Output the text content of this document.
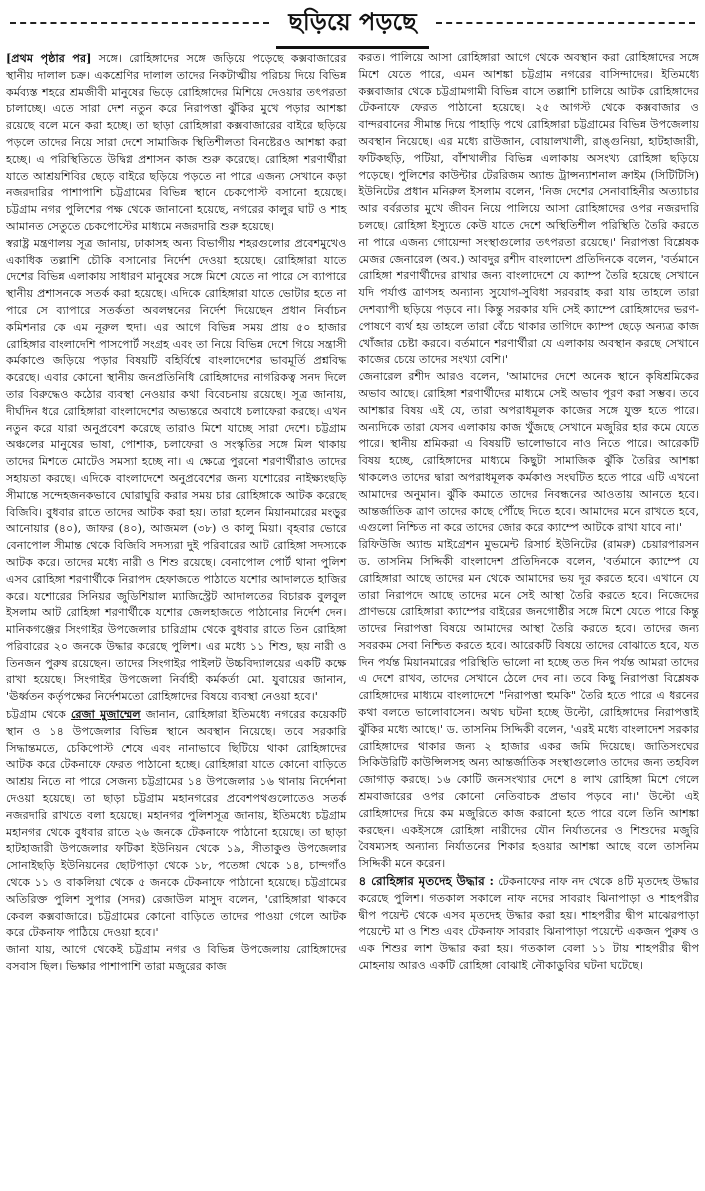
ছড়িয়ে পড়ছে

[ প্রথম পৃষ্ঠার পর ] সঙ্গে। রোহিঙ্গাদের সঙ্গে জড়িয়ে পড়েছে কক্সবাজারের স্থানীয় দালাল চক্র। একশ্রেণির দালাল তাদের নিকটাত্মীয় পরিচয় দিয়ে বিভিন্ন কর্মব্যস্ত শহরে শ্রমজীবী মানুষের ভিড়ে রোহিঙ্গাদের মিশিয়ে দেওয়ার তৎপরতা চালাচ্ছে। এতে সারা দেশ নতুন করে নিরাপত্তা ঝুঁকির মুখে পড়ার আশঙ্কা রয়েছে বলে মনে করা হচ্ছে। তা ছাড়া রোহিঙ্গারা কক্সবাজারের বাইরে ছড়িয়ে পড়লে তাদের নিয়ে সারা দেশে সামাজিক স্থিতিশীলতা বিনষ্টেরও আশঙ্কা করা হচ্ছে। এ পরিস্থিতিতে উদ্বিগ্ন প্রশাসন কাজ শুরু করেছে। রোহিঙ্গা শরণার্থীরা যাতে আশ্রয়শিবির ছেড়ে বাইরে ছড়িয়ে পড়তে না পারে এজন্য সেখানে কড়া নজরদারির পাশাপাশি চট্টগ্রামের বিভিন্ন স্থানে চেকপোস্ট বসানো হয়েছে। চট্টগ্রাম নগর পুলিশের পক্ষ থেকে জানানো হয়েছে, নগরের কালুর ঘাট ও শাহ আমানত সেতুতে চেকপোস্টের মাধ্যমে নজরদারি শুরু হয়েছে।

স্বরাষ্ট্র মন্ত্রণালয় সূত্র জানায়, ঢাকাসহ অন্য বিভাগীয় শহরগুলোর প্রবেশমুখেও একাধিক তল্লাশি চৌকি বসানোর নির্দেশ দেওয়া হয়েছে। রোহিঙ্গারা যাতে দেশের বিভিন্ন এলাকায় সাধারণ মানুষের সঙ্গে মিশে যেতে না পারে সে ব্যাপারে স্থানীয় প্রশাসনকে সতর্ক করা হয়েছে। এদিকে রোহিঙ্গারা যাতে ভোটার হতে না পারে সে ব্যাপারে সতর্কতা অবলম্বনের নির্দেশ দিয়েছেন প্রধান নির্বাচন কমিশনার কে এম নূরুল হুদা। এর আগে বিভিন্ন সময় প্রায় ৫০ হাজার রোহিঙ্গার বাংলাদেশি পাসপোর্ট সংগ্রহ এবং তা নিয়ে বিভিন্ন দেশে গিয়ে সন্ত্রাসী কর্মকাণ্ডে জড়িয়ে পড়ার বিষয়টি বহির্বিশ্বে বাংলাদেশের ভাবমূর্তি প্রশ্নবিদ্ধ করেছে। এবার কোনো স্থানীয় জনপ্রতিনিধি রোহিঙ্গাদের নাগরিকত্ব সনদ দিলে তার বিরুদ্ধেও কঠোর ব্যবস্থা নেওয়ার কথা বিবেচনায় রয়েছে। সূত্র জানায়, দীর্ঘদিন ধরে রোহিঙ্গারা বাংলাদেশের অভ্যন্তরে অবাধে চলাফেরা করছে। এখন নতুন করে যারা অনুপ্রবেশ করেছে তারাও মিশে যাচ্ছে সারা দেশে। চট্টগ্রাম অঞ্চলের মানুষের ভাষা, পোশাক, চলাফেরা ও সংস্কৃতির সঙ্গে মিল থাকায় তাদের মিশতে মোটেও সমস্যা হচ্ছে না। এ ক্ষেত্রে পুরনো শরণার্থীরাও তাদের সহায়তা করছে। এদিকে বাংলাদেশে অনুপ্রবেশের জন্য যশোরের নাইক্ষ্যংছড়ি সীমান্তে সন্দেহজনকভাবে ঘোরাঘুরি করার সময় চার রোহিঙ্গাকে আটক করেছে বিজিবি। বুধবার রাতে তাদের আটক করা হয়। তারা হলেন মিয়ানমারের মংড়ুর আনোয়ার (৪০), জাফর (৪০), আজমল (৩৮) ও কালু মিয়া। বৃহবার ভোরে বেনাপোল সীমান্ত থেকে বিজিবি সদস্যরা দুই পরিবারের আট রোহিঙ্গা সদস্যকে আটক করে। তাদের মধ্যে নারী ও শিশু রয়েছে। বেনাপোল পোর্ট থানা পুলিশ এসব রোহিঙ্গা শরণার্থীকে নিরাপদ হেফাজতে পাঠাতে যশোর আদালতে হাজির করে। যশোরের সিনিয়র জুডিশিয়াল ম্যাজিস্ট্রেট আদালতের বিচারক বুলবুল ইসলাম আট রোহিঙ্গা শরণার্থীকে যশোর জেলহাজতে পাঠানোর নির্দেশ দেন। মানিকগঞ্জের সিংগাইর উপজেলার চারিগ্রাম থেকে বুধবার রাতে তিন রোহিঙ্গা পরিবারের ২০ জনকে উদ্ধার করেছে পুলিশ। এর মধ্যে ১১ শিশু, ছয় নারী ও তিনজন পুরুষ রয়েছেন। তাদের সিংগাইর পাইলট উচ্চবিদ্যালয়ের একটি কক্ষে রাখা হয়েছে। সিংগাইর উপজেলা নির্বাহী কর্মকর্তা মো. যুবায়ের জানান, 'ঊর্ধ্বতন কর্তৃপক্ষের নির্দেশমতো রোহিঙ্গাদের বিষয়ে ব্যবস্থা নেওয়া হবে।'

চট্টগ্রাম থেকে রেজা মুজাম্মেল জানান, রোহিঙ্গারা ইতিমধ্যে নগরের কয়েকটি স্থান ও ১৪ উপজেলার বিভিন্ন স্থানে অবস্থান নিয়েছে। তবে সরকারি সিদ্ধান্তমতে, চেকিপোস্ট শেষে এবং নানাভাবে ছিটিয়ে থাকা রোহিঙ্গাদের আটক করে টেকনাফে ফেরত পাঠানো হচ্ছে। রোহিঙ্গারা যাতে কোনো বাড়িতে আশ্রয় নিতে না পারে সেজন্য চট্টগ্রামের ১৪ উপজেলার ১৬ থানায় নির্দেশনা দেওয়া হয়েছে। তা ছাড়া চট্টগ্রাম মহানগরের প্রবেশপথগুলোতেও সতর্ক নজরদারি রাখতে বলা হয়েছে। মহানগর পুলিশসূত্র জানায়, ইতিমধ্যে চট্টগ্রাম মহানগর থেকে বুধবার রাতে ২৬ জনকে টেকনাফে পাঠানো হয়েছে। তা ছাড়া হাটহাজারী উপজেলার ফটিকা ইউনিয়ন থেকে ১৯, সীতাকুণ্ড উপজেলার সোনাইছড়ি ইউনিয়নের ছোটপাড়া থেকে ১৮, পতেঙ্গা থেকে ১৪, চান্দগাঁও থেকে ১১ ও বাকলিয়া থেকে ৫ জনকে টেকনাফে পাঠানো হয়েছে। চট্টগ্রামের অতিরিক্ত পুলিশ সুপার (সদর) রেজাউল মাসুদ বলেন, 'রোহিঙ্গারা থাকবে কেবল কক্সবাজারে। চট্টগ্রামের কোনো বাড়িতে তাদের পাওয়া গেলে আটক করে টেকনাফ পাঠিয়ে দেওয়া হবে।'

জানা যায়, আগে থেকেই চট্টগ্রাম নগর ও বিভিন্ন উপজেলায় রোহিঙ্গাদের বসবাস ছিল। ভিক্ষার পাশাপাশি তারা মজুরের কাজ

করত। পালিয়ে আসা রোহিঙ্গারা আগে থেকে অবস্থান করা রোহিঙ্গাদের সঙ্গে মিশে যেতে পারে, এমন আশঙ্কা চট্টগ্রাম নগরের বাসিন্দাদের। ইতিমধ্যে কক্সবাজার থেকে চট্টগ্রামগামী বিভিন্ন বাসে তল্লাশি চালিয়ে আটক রোহিঙ্গাদের টেকনাফে ফেরত পাঠানো হয়েছে। ২৫ আগস্ট থেকে কক্সবাজার ও বান্দরবানের সীমান্ত দিয়ে পাহাড়ি পথে রোহিঙ্গারা চট্টগ্রামের বিভিন্ন উপজেলায় অবস্থান নিয়েছে। এর মধ্যে রাউজান, বোয়ালখালী, রাঙ্গুনিয়া, হাটহাজারী, ফটিকছড়ি, পটিয়া, বাঁশখালীর বিভিন্ন এলাকায় অসংখ্য রোহিঙ্গা ছড়িয়ে পড়েছে। পুলিশের কাউন্টার টেররিজম অ্যান্ড ট্রান্সন্যাশনাল ক্রাইম (সিটিটিসি) ইউনিটের প্রধান মনিরুল ইসলাম বলেন, 'নিজ দেশের সেনাবাহিনীর অত্যাচার আর বর্বরতার মুখে জীবন নিয়ে পালিয়ে আসা রোহিঙ্গাদের ওপর নজরদারি চলছে। রোহিঙ্গা ইস্যুতে কেউ যাতে দেশে অস্থিতিশীল পরিস্থিতি তৈরি করতে না পারে এজন্য গোয়েন্দা সংস্থাগুলোর তৎপরতা রয়েছে।' নিরাপত্তা বিশ্লেষক মেজর জেনারেল (অব.) আবদুর রশীদ বাংলাদেশ প্রতিদিনকে বলেন, 'বর্তমানে রোহিঙ্গা শরণার্থীদের রাখার জন্য বাংলাদেশে যে ক্যাম্প তৈরি হয়েছে সেখানে যদি পর্যাপ্ত ত্রাণসহ অন্যান্য সুযোগ-সুবিধা সরবরাহ করা যায় তাহলে তারা দেশব্যাপী ছড়িয়ে পড়বে না। কিন্তু সরকার যদি সেই ক্যাম্পে রোহিঙ্গাদের ভরণ-পোষণে ব্যর্থ হয় তাহলে তারা বেঁচে থাকার তাগিদে ক্যাম্প ছেড়ে অন্যত্র কাজ খোঁজার চেষ্টা করবে। বর্তমানে শরণার্থীরা যে এলাকায় অবস্থান করছে সেখানে কাজের চেয়ে তাদের সংখ্যা বেশি।'

জেনারেল রশীদ আরও বলেন, 'আমাদের দেশে অনেক স্থানে কৃষিশ্রমিকের অভাব আছে। রোহিঙ্গা শরণার্থীদের মাধ্যমে সেই অভাব পূরণ করা সম্ভব। তবে আশঙ্কার বিষয় এই যে, তারা অপরাধমূলক কাজের সঙ্গে যুক্ত হতে পারে। অন্যদিকে তারা যেসব এলাকায় কাজ খুঁজছে সেখানে মজুরির হার কমে যেতে পারে। স্থানীয় শ্রমিকরা এ বিষয়টি ভালোভাবে নাও নিতে পারে। আরেকটি বিষয় হচ্ছে, রোহিঙ্গাদের মাধ্যমে কিছুটা সামাজিক ঝুঁকি তৈরির আশঙ্কা থাকলেও তাদের দ্বারা অপরাধমূলক কর্মকাণ্ড সংঘটিত হতে পারে এটি এখনো আমাদের অনুমান। ঝুঁকি কমাতে তাদের নিবন্ধনের আওতায় আনতে হবে। আন্তর্জাতিক ত্রাণ তাদের কাছে পৌঁছে দিতে হবে। আমাদের মনে রাখতে হবে, এগুলো নিশ্চিত না করে তাদের জোর করে ক্যাম্পে আটকে রাখা যাবে না।'

রিফিউজি অ্যান্ড মাইগ্রেশন মুভমেন্ট রিসার্চ ইউনিটের (রামরু) চেয়ারপারসন ড. তাসনিম সিদ্দিকী বাংলাদেশ প্রতিদিনকে বলেন, 'বর্তমানে ক্যাম্পে যে রোহিঙ্গারা আছে তাদের মন থেকে আমাদের ভয় দূর করতে হবে। এখানে যে তারা নিরাপদে আছে তাদের মনে সেই আস্থা তৈরি করতে হবে। নিজেদের প্রাণভয়ে রোহিঙ্গারা ক্যাম্পের বাইরের জনগোষ্ঠীর সঙ্গে মিশে যেতে পারে কিন্তু তাদের নিরাপত্তা বিষয়ে আমাদের আস্থা তৈরি করতে হবে। তাদের জন্য সবরকম সেবা নিশ্চিত করতে হবে। আরেকটি বিষয়ে তাদের বোঝাতে হবে, যত দিন পর্যন্ত মিয়ানমারের পরিস্থিতি ভালো না হচ্ছে তত দিন পর্যন্ত আমরা তাদের এ দেশে রাখব, তাদের সেখানে ঠেলে দেব না। তবে কিছু নিরাপত্তা বিশ্লেষক রোহিঙ্গাদের মাধ্যমে বাংলাদেশে "নিরাপত্তা হুমকি" তৈরি হতে পারে এ ধরনের কথা বলতে ভালোবাসেন। অথচ ঘটনা হচ্ছে উল্টো, রোহিঙ্গাদের নিরাপত্তাই ঝুঁকির মধ্যে আছে।' ড. তাসনিম সিদ্দিকী বলেন, 'এরই মধ্যে বাংলাদেশ সরকার রোহিঙ্গাদের থাকার জন্য ২ হাজার একর জমি দিয়েছে। জাতিসংঘের সিকিউরিটি কাউন্সিলসহ অন্য আন্তর্জাতিক সংস্থাগুলোও তাদের জন্য তহবিল জোগাড় করছে। ১৬ কোটি জনসংখ্যার দেশে ৪ লাখ রোহিঙ্গা মিশে গেলে শ্রমবাজারের ওপর কোনো নেতিবাচক প্রভাব পড়বে না।' উল্টো এই রোহিঙ্গাদের দিয়ে কম মজুরিতে কাজ করানো হতে পারে বলে তিনি আশঙ্কা করছেন। একইসঙ্গে রোহিঙ্গা নারীদের যৌন নির্যাতনের ও শিশুদের মজুরি বৈষম্যসহ অন্যান্য নির্যাতনের শিকার হওয়ার আশঙ্কা আছে বলে তাসনিম সিদ্দিকী মনে করেন।

৪ রোহিঙ্গার মৃতদেহ উদ্ধার : টেকনাফের নাফ নদ থেকে ৪টি মৃতদেহ উদ্ধার করেছে পুলিশ। গতকাল সকালে নাফ নদের সাবরাং ঝিনাপাড়া ও শাহপরীর দ্বীপ পয়েন্ট থেকে এসব মৃতদেহ উদ্ধার করা হয়। শাহপরীর দ্বীপ মাঝেরপাড়া পয়েন্টে মা ও শিশু এবং টেকনাফ সাবরাং ঝিনাপাড়া পয়েন্টে একজন পুরুষ ও এক শিশুর লাশ উদ্ধার করা হয়। গতকাল বেলা ১১ টায় শাহপরীর দ্বীপ মোহনায় আরও একটি রোহিঙ্গা বোঝাই নৌকাডুবির ঘটনা ঘটেছে।
